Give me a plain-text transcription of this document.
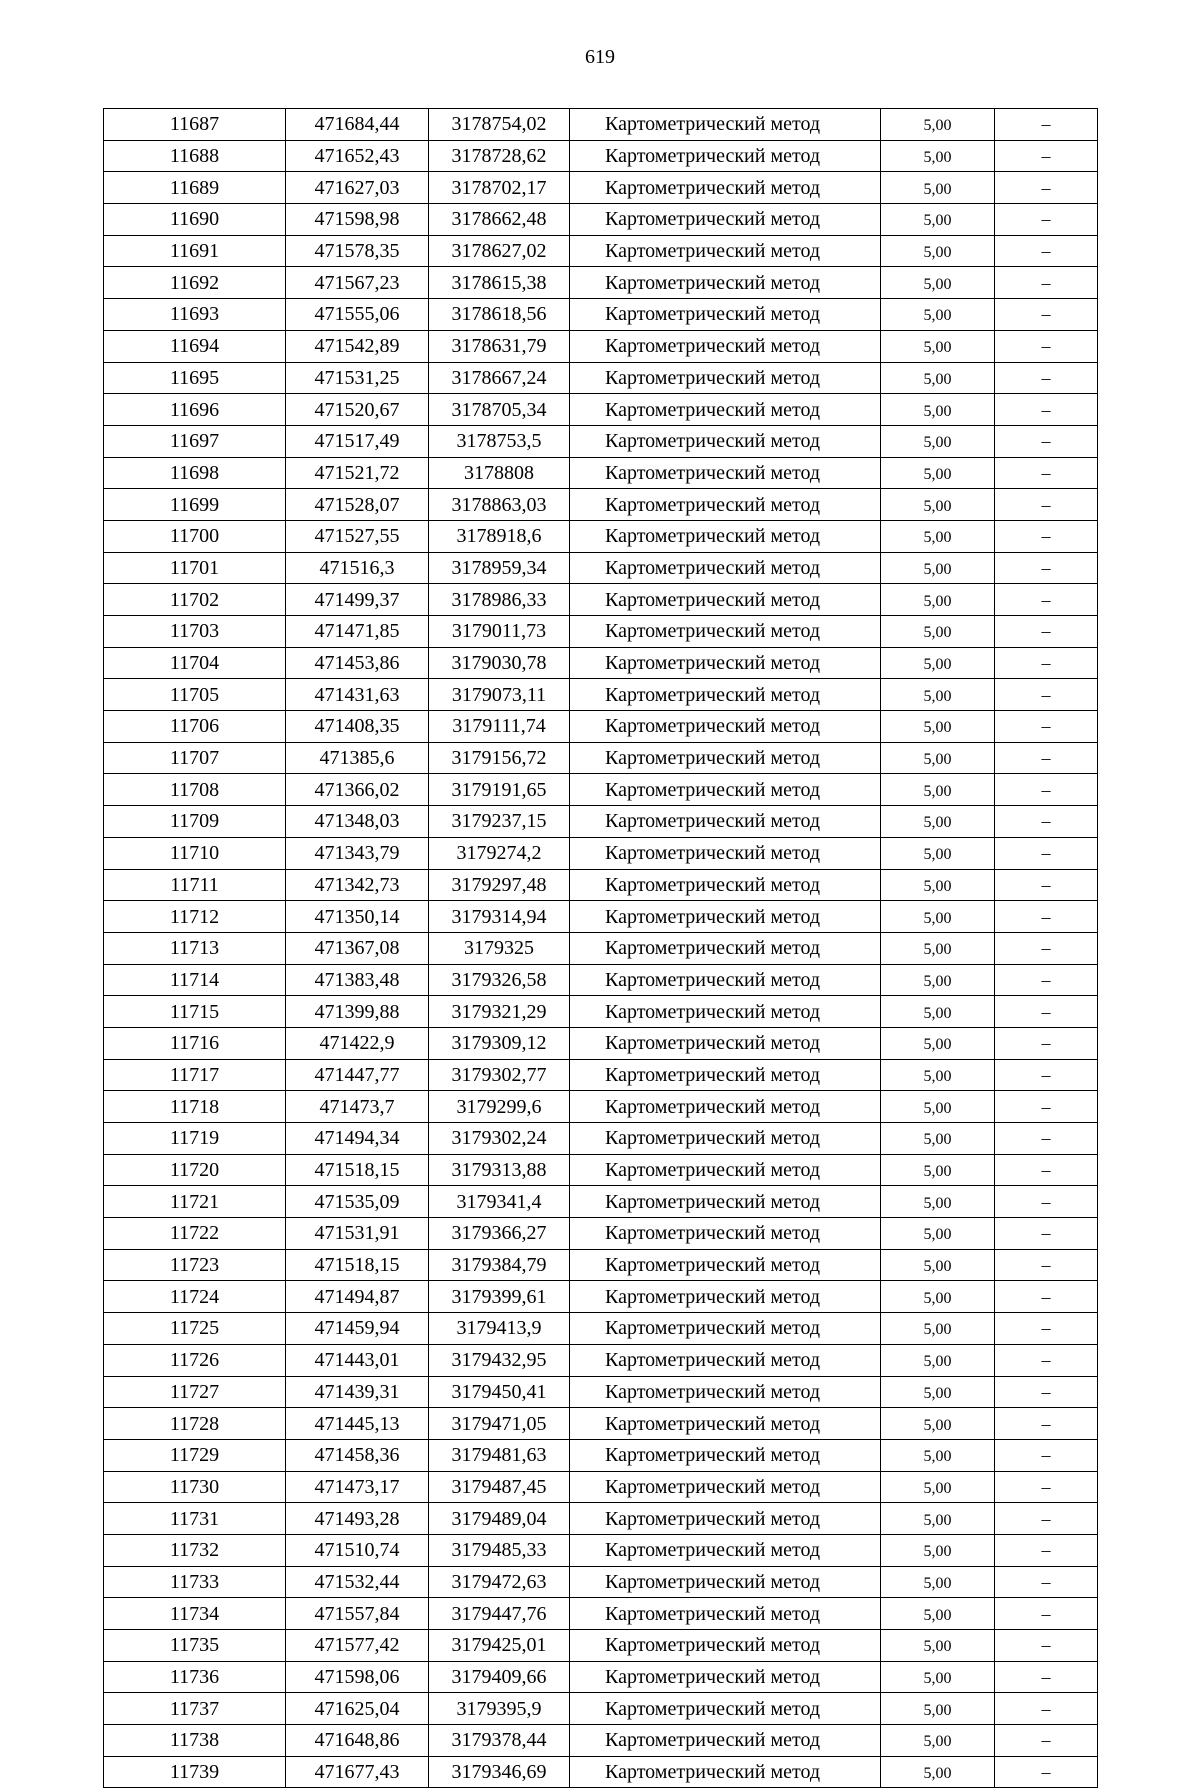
619
11687	471684,44	3178754,02	Картометрический метод	5,00	–
11688	471652,43	3178728,62	Картометрический метод	5,00	–
11689	471627,03	3178702,17	Картометрический метод	5,00	–
11690	471598,98	3178662,48	Картометрический метод	5,00	–
11691	471578,35	3178627,02	Картометрический метод	5,00	–
11692	471567,23	3178615,38	Картометрический метод	5,00	–
11693	471555,06	3178618,56	Картометрический метод	5,00	–
11694	471542,89	3178631,79	Картометрический метод	5,00	–
11695	471531,25	3178667,24	Картометрический метод	5,00	–
11696	471520,67	3178705,34	Картометрический метод	5,00	–
11697	471517,49	3178753,5	Картометрический метод	5,00	–
11698	471521,72	3178808	Картометрический метод	5,00	–
11699	471528,07	3178863,03	Картометрический метод	5,00	–
11700	471527,55	3178918,6	Картометрический метод	5,00	–
11701	471516,3	3178959,34	Картометрический метод	5,00	–
11702	471499,37	3178986,33	Картометрический метод	5,00	–
11703	471471,85	3179011,73	Картометрический метод	5,00	–
11704	471453,86	3179030,78	Картометрический метод	5,00	–
11705	471431,63	3179073,11	Картометрический метод	5,00	–
11706	471408,35	3179111,74	Картометрический метод	5,00	–
11707	471385,6	3179156,72	Картометрический метод	5,00	–
11708	471366,02	3179191,65	Картометрический метод	5,00	–
11709	471348,03	3179237,15	Картометрический метод	5,00	–
11710	471343,79	3179274,2	Картометрический метод	5,00	–
11711	471342,73	3179297,48	Картометрический метод	5,00	–
11712	471350,14	3179314,94	Картометрический метод	5,00	–
11713	471367,08	3179325	Картометрический метод	5,00	–
11714	471383,48	3179326,58	Картометрический метод	5,00	–
11715	471399,88	3179321,29	Картометрический метод	5,00	–
11716	471422,9	3179309,12	Картометрический метод	5,00	–
11717	471447,77	3179302,77	Картометрический метод	5,00	–
11718	471473,7	3179299,6	Картометрический метод	5,00	–
11719	471494,34	3179302,24	Картометрический метод	5,00	–
11720	471518,15	3179313,88	Картометрический метод	5,00	–
11721	471535,09	3179341,4	Картометрический метод	5,00	–
11722	471531,91	3179366,27	Картометрический метод	5,00	–
11723	471518,15	3179384,79	Картометрический метод	5,00	–
11724	471494,87	3179399,61	Картометрический метод	5,00	–
11725	471459,94	3179413,9	Картометрический метод	5,00	–
11726	471443,01	3179432,95	Картометрический метод	5,00	–
11727	471439,31	3179450,41	Картометрический метод	5,00	–
11728	471445,13	3179471,05	Картометрический метод	5,00	–
11729	471458,36	3179481,63	Картометрический метод	5,00	–
11730	471473,17	3179487,45	Картометрический метод	5,00	–
11731	471493,28	3179489,04	Картометрический метод	5,00	–
11732	471510,74	3179485,33	Картометрический метод	5,00	–
11733	471532,44	3179472,63	Картометрический метод	5,00	–
11734	471557,84	3179447,76	Картометрический метод	5,00	–
11735	471577,42	3179425,01	Картометрический метод	5,00	–
11736	471598,06	3179409,66	Картометрический метод	5,00	–
11737	471625,04	3179395,9	Картометрический метод	5,00	–
11738	471648,86	3179378,44	Картометрический метод	5,00	–
11739	471677,43	3179346,69	Картометрический метод	5,00	–
